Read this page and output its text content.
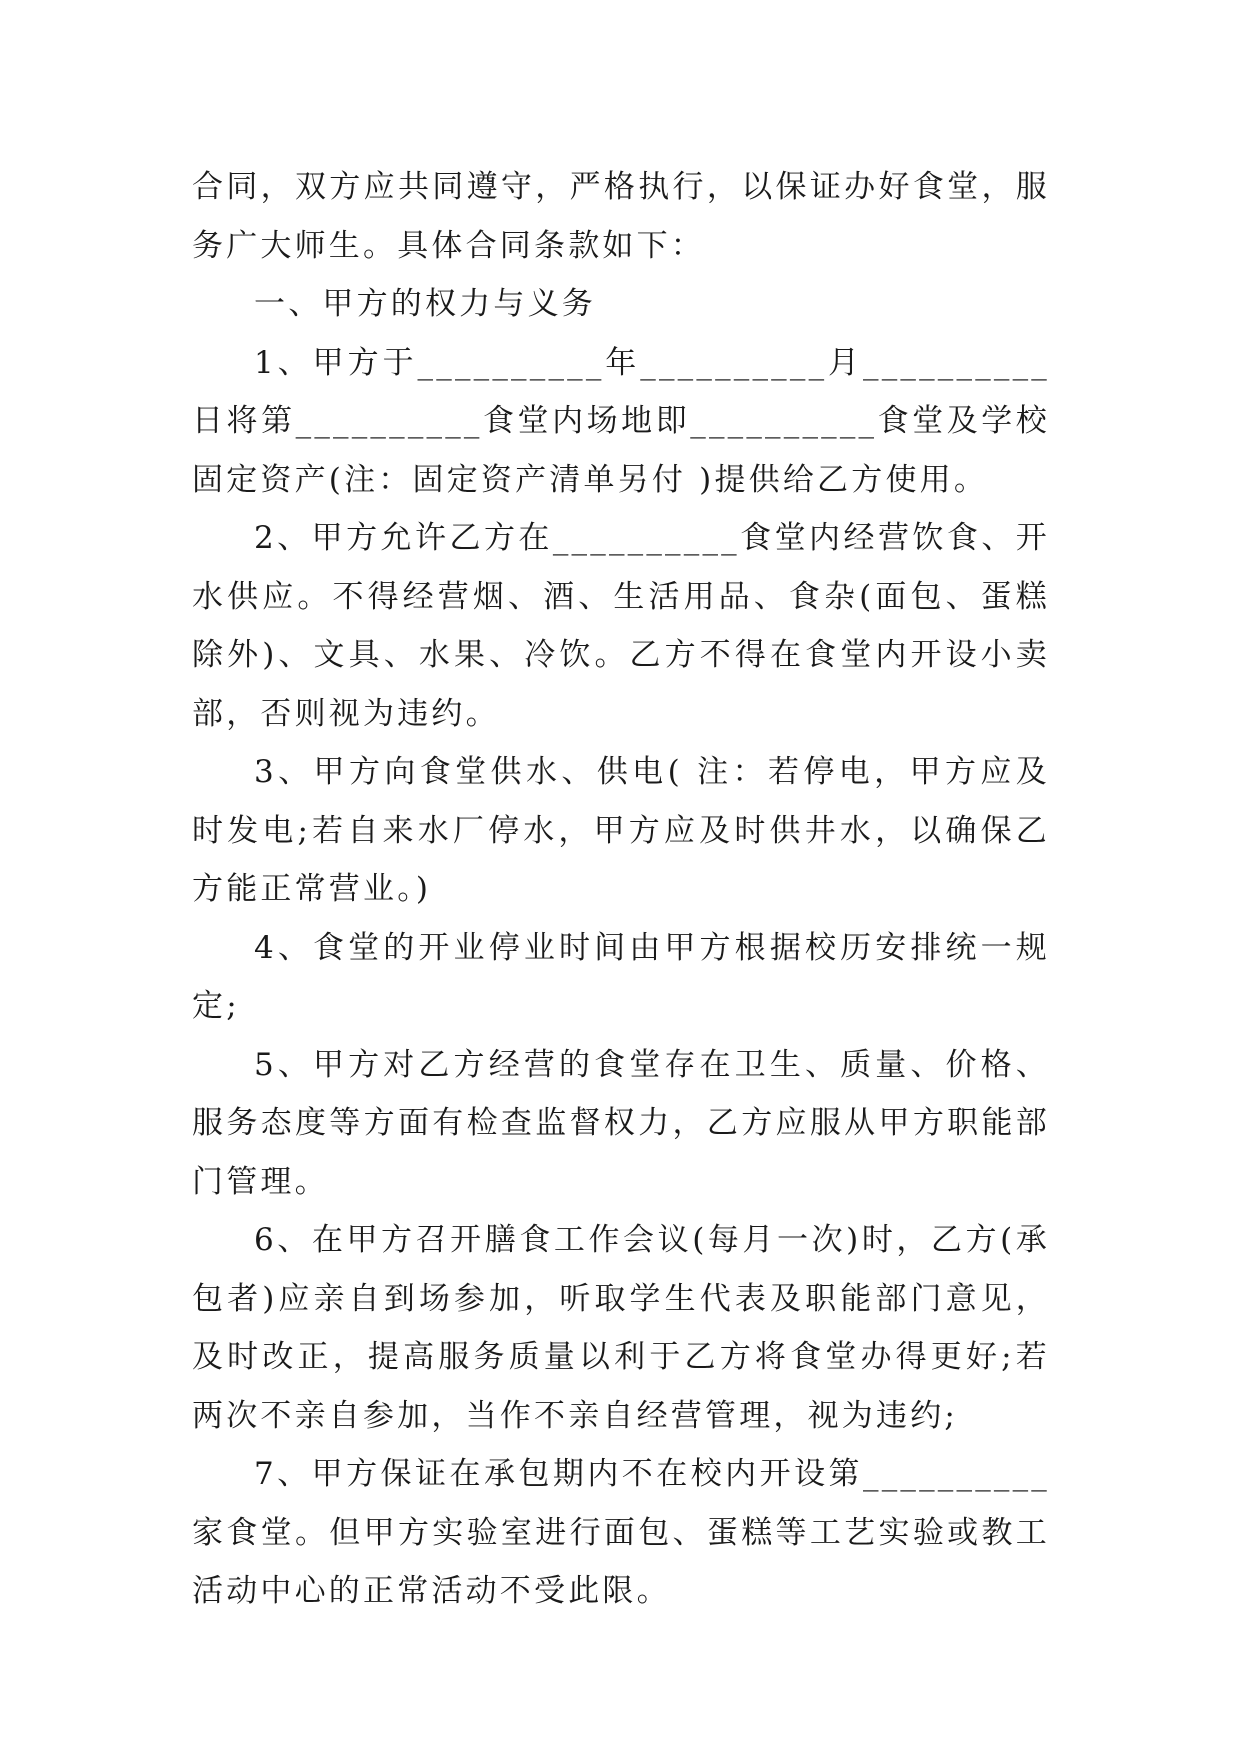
合同，双方应共同遵守，严格执行，以保证办好食堂，服务广大师生。具体合同条款如下：

一、甲方的权力与义务

1、甲方于__________年__________月__________日将第__________食堂内场地即__________食堂及学校固定资产(注：固定资产清单另付 )提供给乙方使用。

2、甲方允许乙方在__________食堂内经营饮食、开水供应。不得经营烟、酒、生活用品、食杂(面包、蛋糕除外)、文具、水果、冷饮。乙方不得在食堂内开设小卖部，否则视为违约。

3、甲方向食堂供水、供电( 注：若停电，甲方应及时发电;若自来水厂停水，甲方应及时供井水，以确保乙方能正常营业。)

4、食堂的开业停业时间由甲方根据校历安排统一规定;

5、甲方对乙方经营的食堂存在卫生、质量、价格、服务态度等方面有检查监督权力，乙方应服从甲方职能部门管理。

6、在甲方召开膳食工作会议(每月一次)时，乙方(承包者)应亲自到场参加，听取学生代表及职能部门意见，及时改正，提高服务质量以利于乙方将食堂办得更好;若两次不亲自参加，当作不亲自经营管理，视为违约;

7、甲方保证在承包期内不在校内开设第__________家食堂。但甲方实验室进行面包、蛋糕等工艺实验或教工活动中心的正常活动不受此限。
